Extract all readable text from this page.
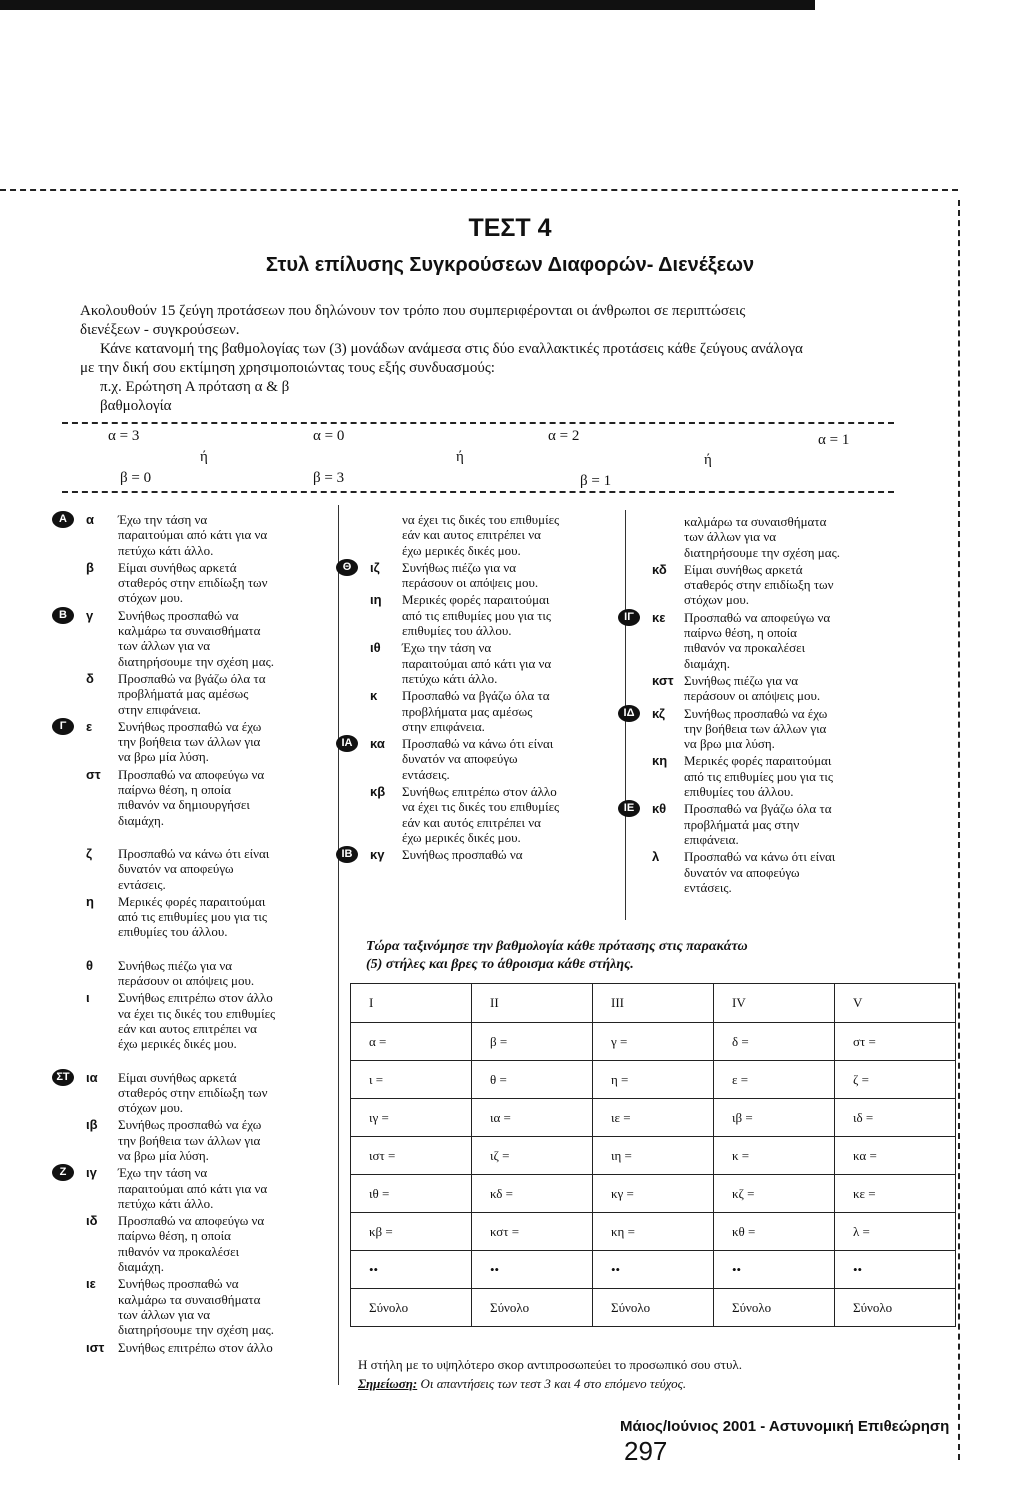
ΤΕΣΤ 4
Στυλ επίλυσης Συγκρούσεων Διαφορών- Διενέξεων
Ακολουθούν 15 ζεύγη προτάσεων που δηλώνουν τον τρόπο που συμπεριφέρονται οι άνθρωποι σε περιπτώσεις
διενέξεων - συγκρούσεων.
Κάνε κατανομή της βαθμολογίας των (3) μονάδων ανάμεσα στις δύο εναλλακτικές προτάσεις κάθε ζεύγους ανάλογα
με την δική σου εκτίμηση χρησιμοποιώντας τους εξής συνδυασμούς:
π.χ. Ερώτηση Α πρόταση α & β
βαθμολογία
α = 3	α = 0	α = 2	α = 1
ή	ή	ή
β = 0	β = 3	β = 1
Α	α	Έχω την τάση να
παραιτούμαι από κάτι για να
πετύχω κάτι άλλο.
β	Είμαι συνήθως αρκετά
σταθερός στην επιδίωξη των
στόχων μου.
Β	γ	Συνήθως προσπαθώ να
καλμάρω τα συναισθήματα
των άλλων για να
διατηρήσουμε την σχέση μας.
δ	Προσπαθώ να βγάζω όλα τα
προβλήματά μας αμέσως
στην επιφάνεια.
Γ	ε	Συνήθως προσπαθώ να έχω
την βοήθεια των άλλων για
να βρω μία λύση.
στ	Προσπαθώ να αποφεύγω να
παίρνω θέση, η οποία
πιθανόν να δημιουργήσει
διαμάχη.
ζ	Προσπαθώ να κάνω ότι είναι
δυνατόν να αποφεύγω
εντάσεις.
η	Μερικές φορές παραιτούμαι
από τις επιθυμίες μου για τις
επιθυμίες του άλλου.
θ	Συνήθως πιέζω για να
περάσουν οι απόψεις μου.
ι	Συνήθως επιτρέπω στον άλλο
να έχει τις δικές του επιθυμίες
εάν και αυτος επιτρέπει να
έχω μερικές δικές μου.
ΣΤ	ια	Είμαι συνήθως αρκετά
σταθερός στην επιδίωξη των
στόχων μου.
ιβ	Συνήθως προσπαθώ να έχω
την βοήθεια των άλλων για
να βρω μία λύση.
Ζ	ιγ	Έχω την τάση να
παραιτούμαι από κάτι για να
πετύχω κάτι άλλο.
ιδ	Προσπαθώ να αποφεύγω να
παίρνω θέση, η οποία
πιθανόν να προκαλέσει
διαμάχη.
ιε	Συνήθως προσπαθώ να
καλμάρω τα συναισθήματα
των άλλων για να
διατηρήσουμε την σχέση μας.
ιστ	Συνήθως επιτρέπω στον άλλο
να έχει τις δικές του επιθυμίες
εάν και αυτος επιτρέπει να
έχω μερικές δικές μου.
Θ	ιζ	Συνήθως πιέζω για να
περάσουν οι απόψεις μου.
ιη	Μερικές φορές παραιτούμαι
από τις επιθυμίες μου για τις
επιθυμίες του άλλου.
ιθ	Έχω την τάση να
παραιτούμαι από κάτι για να
πετύχω κάτι άλλο.
κ	Προσπαθώ να βγάζω όλα τα
προβλήματα μας αμέσως
στην επιφάνεια.
ΙΑ	κα	Προσπαθώ να κάνω ότι είναι
δυνατόν να αποφεύγω
εντάσεις.
κβ	Συνήθως επιτρέπω στον άλλο
να έχει τις δικές του επιθυμίες
εάν και αυτός επιτρέπει να
έχω μερικές δικές μου.
ΙΒ	κγ	Συνήθως προσπαθώ να
καλμάρω τα συναισθήματα
των άλλων για να
διατηρήσουμε την σχέση μας.
κδ	Είμαι συνήθως αρκετά
σταθερός στην επιδίωξη των
στόχων μου.
ΙΓ	κε	Προσπαθώ να αποφεύγω να
παίρνω θέση, η οποία
πιθανόν να προκαλέσει
διαμάχη.
κστ Συνήθως πιέζω για να
περάσουν οι απόψεις μου.
ΙΔ	κζ	Συνήθως προσπαθώ να έχω
την βοήθεια των άλλων για
να βρω μια λύση.
κη	Μερικές φορές παραιτούμαι
από τις επιθυμίες μου για τις
επιθυμίες του άλλου.
ΙΕ	κθ	Προσπαθώ να βγάζω όλα τα
προβλήματά μας στην
επιφάνεια.
λ	Προσπαθώ να κάνω ότι είναι
δυνατόν να αποφεύγω
εντάσεις.
Τώρα ταξινόμησε την βαθμολογία κάθε πρότασης στις παρακάτω
(5) στήλες και βρες το άθροισμα κάθε στήλης.
Ι	ΙΙ	ΙΙΙ	ΙV	V
α =	β =	γ =	δ =	στ =
ι =	θ =	η =	ε =	ζ =
ιγ =	ια =	ιε =	ιβ =	ιδ =
ιστ =	ιζ =	ιη =	κ =	κα =
ιθ =	κδ =	κγ =	κζ =	κε =
κβ =	κστ =	κη =	κθ =	λ =
••	••	••	••	••
Σύνολο	Σύνολο	Σύνολο	Σύνολο	Σύνολο
Η στήλη με το υψηλότερο σκορ αντιπροσωπεύει το προσωπικό σου στυλ.
Σημείωση: Οι απαντήσεις των τεστ 3 και 4 στο επόμενο τεύχος.
Μάιος/Ιούνιος 2001 - Αστυνομική Επιθεώρηση 297
